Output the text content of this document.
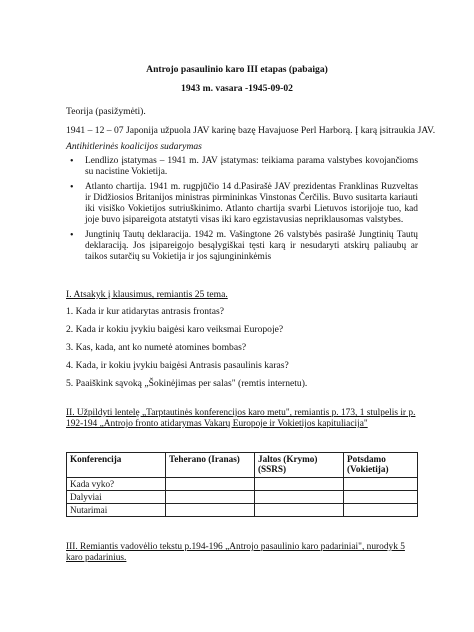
Antrojo pasaulinio karo III etapas (pabaiga)
1943 m. vasara -1945-09-02
Teorija (pasižymėti).
1941 – 12 – 07 Japonija užpuola JAV karinę bazę Havajuose Perl Harborą. Į karą įsitraukia JAV.
Antihitlerinės koalicijos sudarymas
• Lendlizo įstatymas – 1941 m. JAV įstatymas: teikiama parama valstybes kovojančioms su nacistine Vokietija.
• Atlanto chartija. 1941 m. rugpjūčio 14 d.Pasirašė JAV prezidentas Franklinas Ruzveltas ir Didžiosios Britanijos ministras pirmininkas Vinstonas Čerčilis. Buvo susitarta kariauti iki visiško Vokietijos sutriuškinimo. Atlanto chartija svarbi Lietuvos istorijoje tuo, kad joje buvo įsipareigota atstatyti visas iki karo egzistavusias nepriklausomas valstybes.
• Jungtinių Tautų deklaracija. 1942 m. Vašingtone 26 valstybės pasirašė Jungtinių Tautų deklaraciją. Jos įsipareigojo besąlygiškai tęsti karą ir nesudaryti atskirų paliaubų ar taikos sutarčių su Vokietija ir jos sąjungininkėmis
I. Atsakyk į klausimus, remiantis 25 tema.
1. Kada ir kur atidarytas antrasis frontas?
2. Kada ir kokiu įvykiu baigėsi karo veiksmai Europoje?
3. Kas, kada, ant ko numetė atomines bombas?
4. Kada, ir kokiu įvykiu baigėsi Antrasis pasaulinis karas?
5. Paaiškink sąvoką „Šokinėjimas per salas" (remtis internetu).
II. Užpildyti lentelę „Tarptautinės konferencijos karo metu", remiantis p. 173, 1 stulpelis ir p. 192-194 „Antrojo fronto atidarymas Vakarų Europoje ir Vokietijos kapituliacija"
Konferencija	Teherano (Iranas)	Jaltos (Krymo) (SSRS)	Potsdamo (Vokietija)
Kada vyko?			
Dalyviai			
Nutarimai			
III. Remiantis vadovėlio tekstu p.194-196 „Antrojo pasaulinio karo padariniai", nurodyk 5 karo padarinius.
